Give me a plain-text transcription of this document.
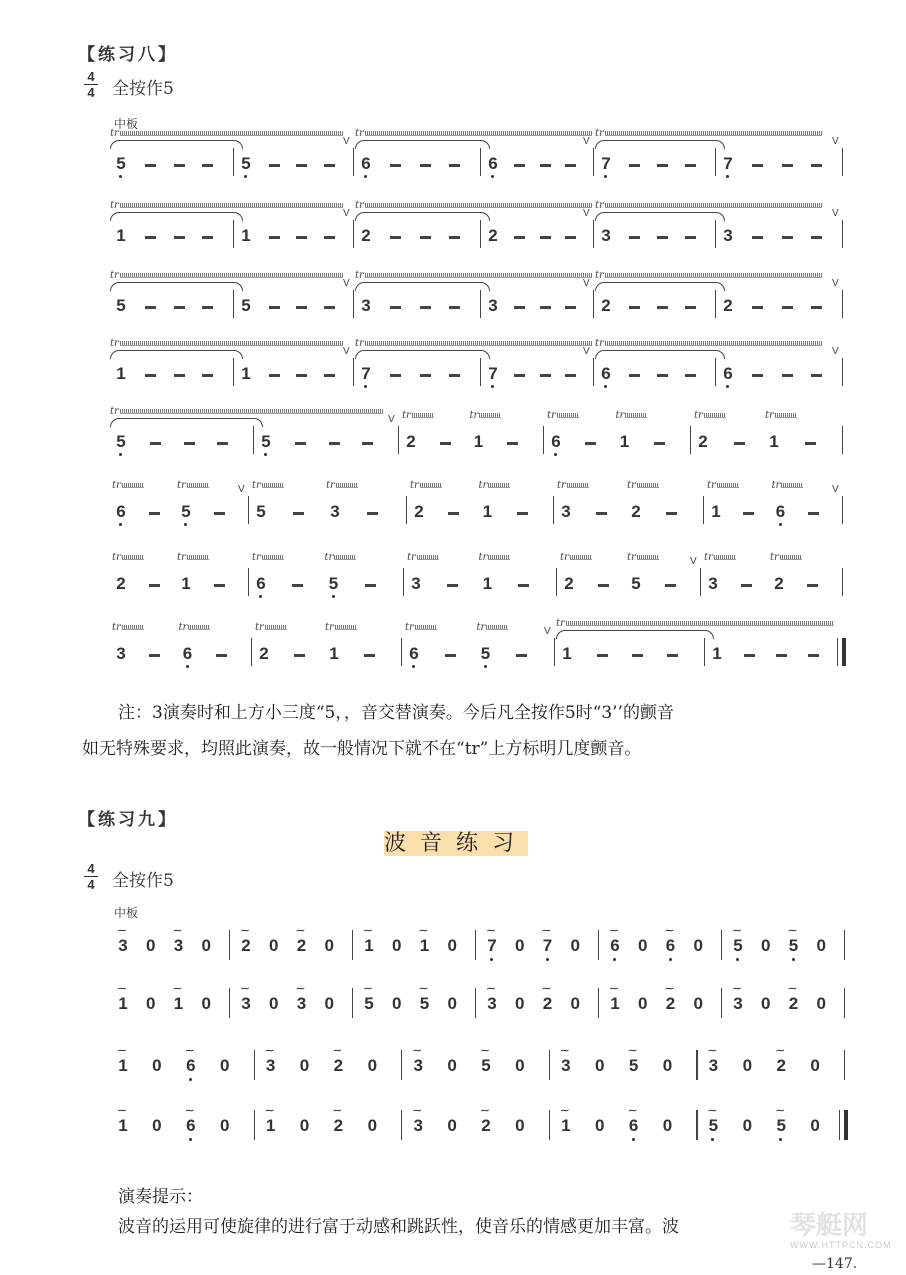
【练习八】
4
4 全按作5
中板
5
tr
5
V
6
tr
6
V
7
tr
7
V
1
tr
1
V
2
tr
2
V
3
tr
3
V
5
tr
5
V
3
tr
3
V
2
tr
2
V
1
tr
1
V
7
tr
7
V
6
tr
6
V
5
tr
5
V
2
tr
1
tr
6
tr
1
tr
2
tr
1
tr
6
tr
5
tr	V
5
tr
3
tr
2
tr
1
tr
3
tr
2
tr
1
tr
6
tr	V
2
tr
1
tr
6
tr
5
tr
3
tr
1
tr
2
tr
5
tr	V
3
tr
2
tr
3
tr
6
tr
2
tr
1
tr
6
tr
5
tr	V
1
tr
1
注：3演奏时和上方小三度“5，，音交替演奏。今后凡全按作5时“3’’的颤音
如无特殊要求，均照此演奏，故一般情况下就不在“tr”上方标明几度颤音。
【练习九】
波音练习
4
4 全按作5
中板
3
⁓
0 3
⁓
0 2
⁓
0 2
⁓
0 1
⁓
0 1
⁓
0 7
⁓
0 7
⁓
0 6
⁓
0 6
⁓
0 5
⁓
0 5
⁓
0
1
⁓
0 1
⁓
0 3
⁓
0 3
⁓
0 5
⁓
0 5
⁓
0 3
⁓
0 2
⁓
0 1
⁓
0 2
⁓
0 3
⁓
0 2
⁓
0
1
⁓
0 6
⁓
0 3
⁓
0 2
⁓
0 3
⁓
0 5
⁓
0 3
⁓
0 5
⁓
0 3
⁓
0 2
⁓
0
1
⁓
0 6
⁓
0 1
⁓
0 2
⁓
0 3
⁓
0 2
⁓
0 1
⁓
0 6
⁓
0 5
⁓
0 5
⁓
0
演奏提示：
波音的运用可使旋律的进行富于动感和跳跃性，使音乐的情感更加丰富。波	琴艇网
WWW.HTTPCN.COM
—147.
